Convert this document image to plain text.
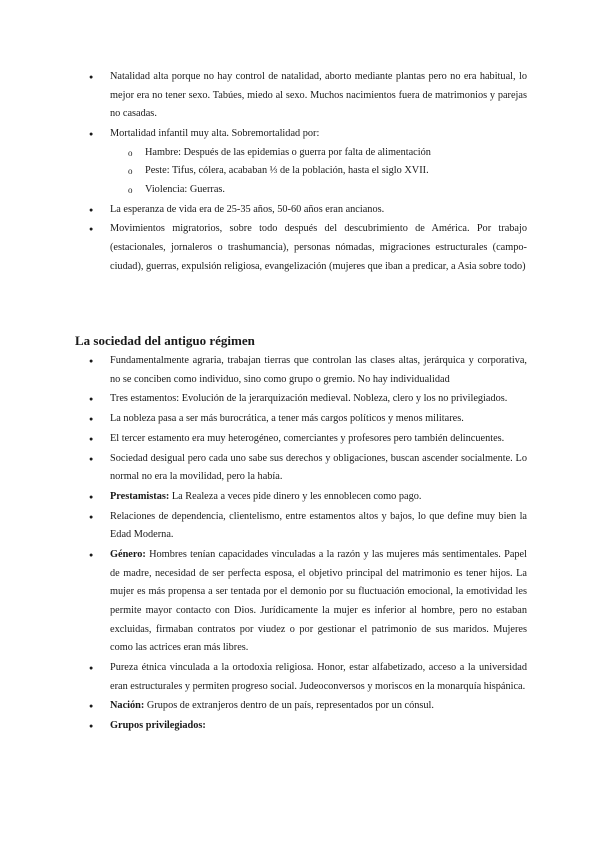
● Natalidad alta porque no hay control de natalidad, aborto mediante plantas pero no era habitual, lo mejor era no tener sexo. Tabúes, miedo al sexo. Muchos nacimientos fuera de matrimonios y parejas no casadas.
● Mortalidad infantil muy alta. Sobremortalidad por:
o Hambre: Después de las epidemias o guerra por falta de alimentación
o Peste: Tifus, cólera, acababan ⅓ de la población, hasta el siglo XVII.
o Violencia: Guerras.
● La esperanza de vida era de 25-35 años, 50-60 años eran ancianos.
● Movimientos migratorios, sobre todo después del descubrimiento de América. Por trabajo (estacionales, jornaleros o trashumancia), personas nómadas, migraciones estructurales (campo-ciudad), guerras, expulsión religiosa, evangelización (mujeres que iban a predicar, a Asia sobre todo)
La sociedad del antiguo régimen
● Fundamentalmente agraria, trabajan tierras que controlan las clases altas, jerárquica y corporativa, no se conciben como individuo, sino como grupo o gremio. No hay individualidad
● Tres estamentos: Evolución de la jerarquización medieval. Nobleza, clero y los no privilegiados.
● La nobleza pasa a ser más burocrática, a tener más cargos políticos y menos militares.
● El tercer estamento era muy heterogéneo, comerciantes y profesores pero también delincuentes.
● Sociedad desigual pero cada uno sabe sus derechos y obligaciones, buscan ascender socialmente. Lo normal no era la movilidad, pero la había.
● Prestamistas: La Realeza a veces pide dinero y les ennoblecen como pago.
● Relaciones de dependencia, clientelismo, entre estamentos altos y bajos, lo que define muy bien la Edad Moderna.
● Género: Hombres tenían capacidades vinculadas a la razón y las mujeres más sentimentales. Papel de madre, necesidad de ser perfecta esposa, el objetivo principal del matrimonio es tener hijos. La mujer es más propensa a ser tentada por el demonio por su fluctuación emocional, la emotividad les permite mayor contacto con Dios. Jurídicamente la mujer es inferior al hombre, pero no estaban excluidas, firmaban contratos por viudez o por gestionar el patrimonio de sus maridos. Mujeres como las actrices eran más libres.
● Pureza étnica vinculada a la ortodoxia religiosa. Honor, estar alfabetizado, acceso a la universidad eran estructurales y permiten progreso social. Judeoconversos y moriscos en la monarquía hispánica.
● Nación: Grupos de extranjeros dentro de un país, representados por un cónsul.
● Grupos privilegiados:
